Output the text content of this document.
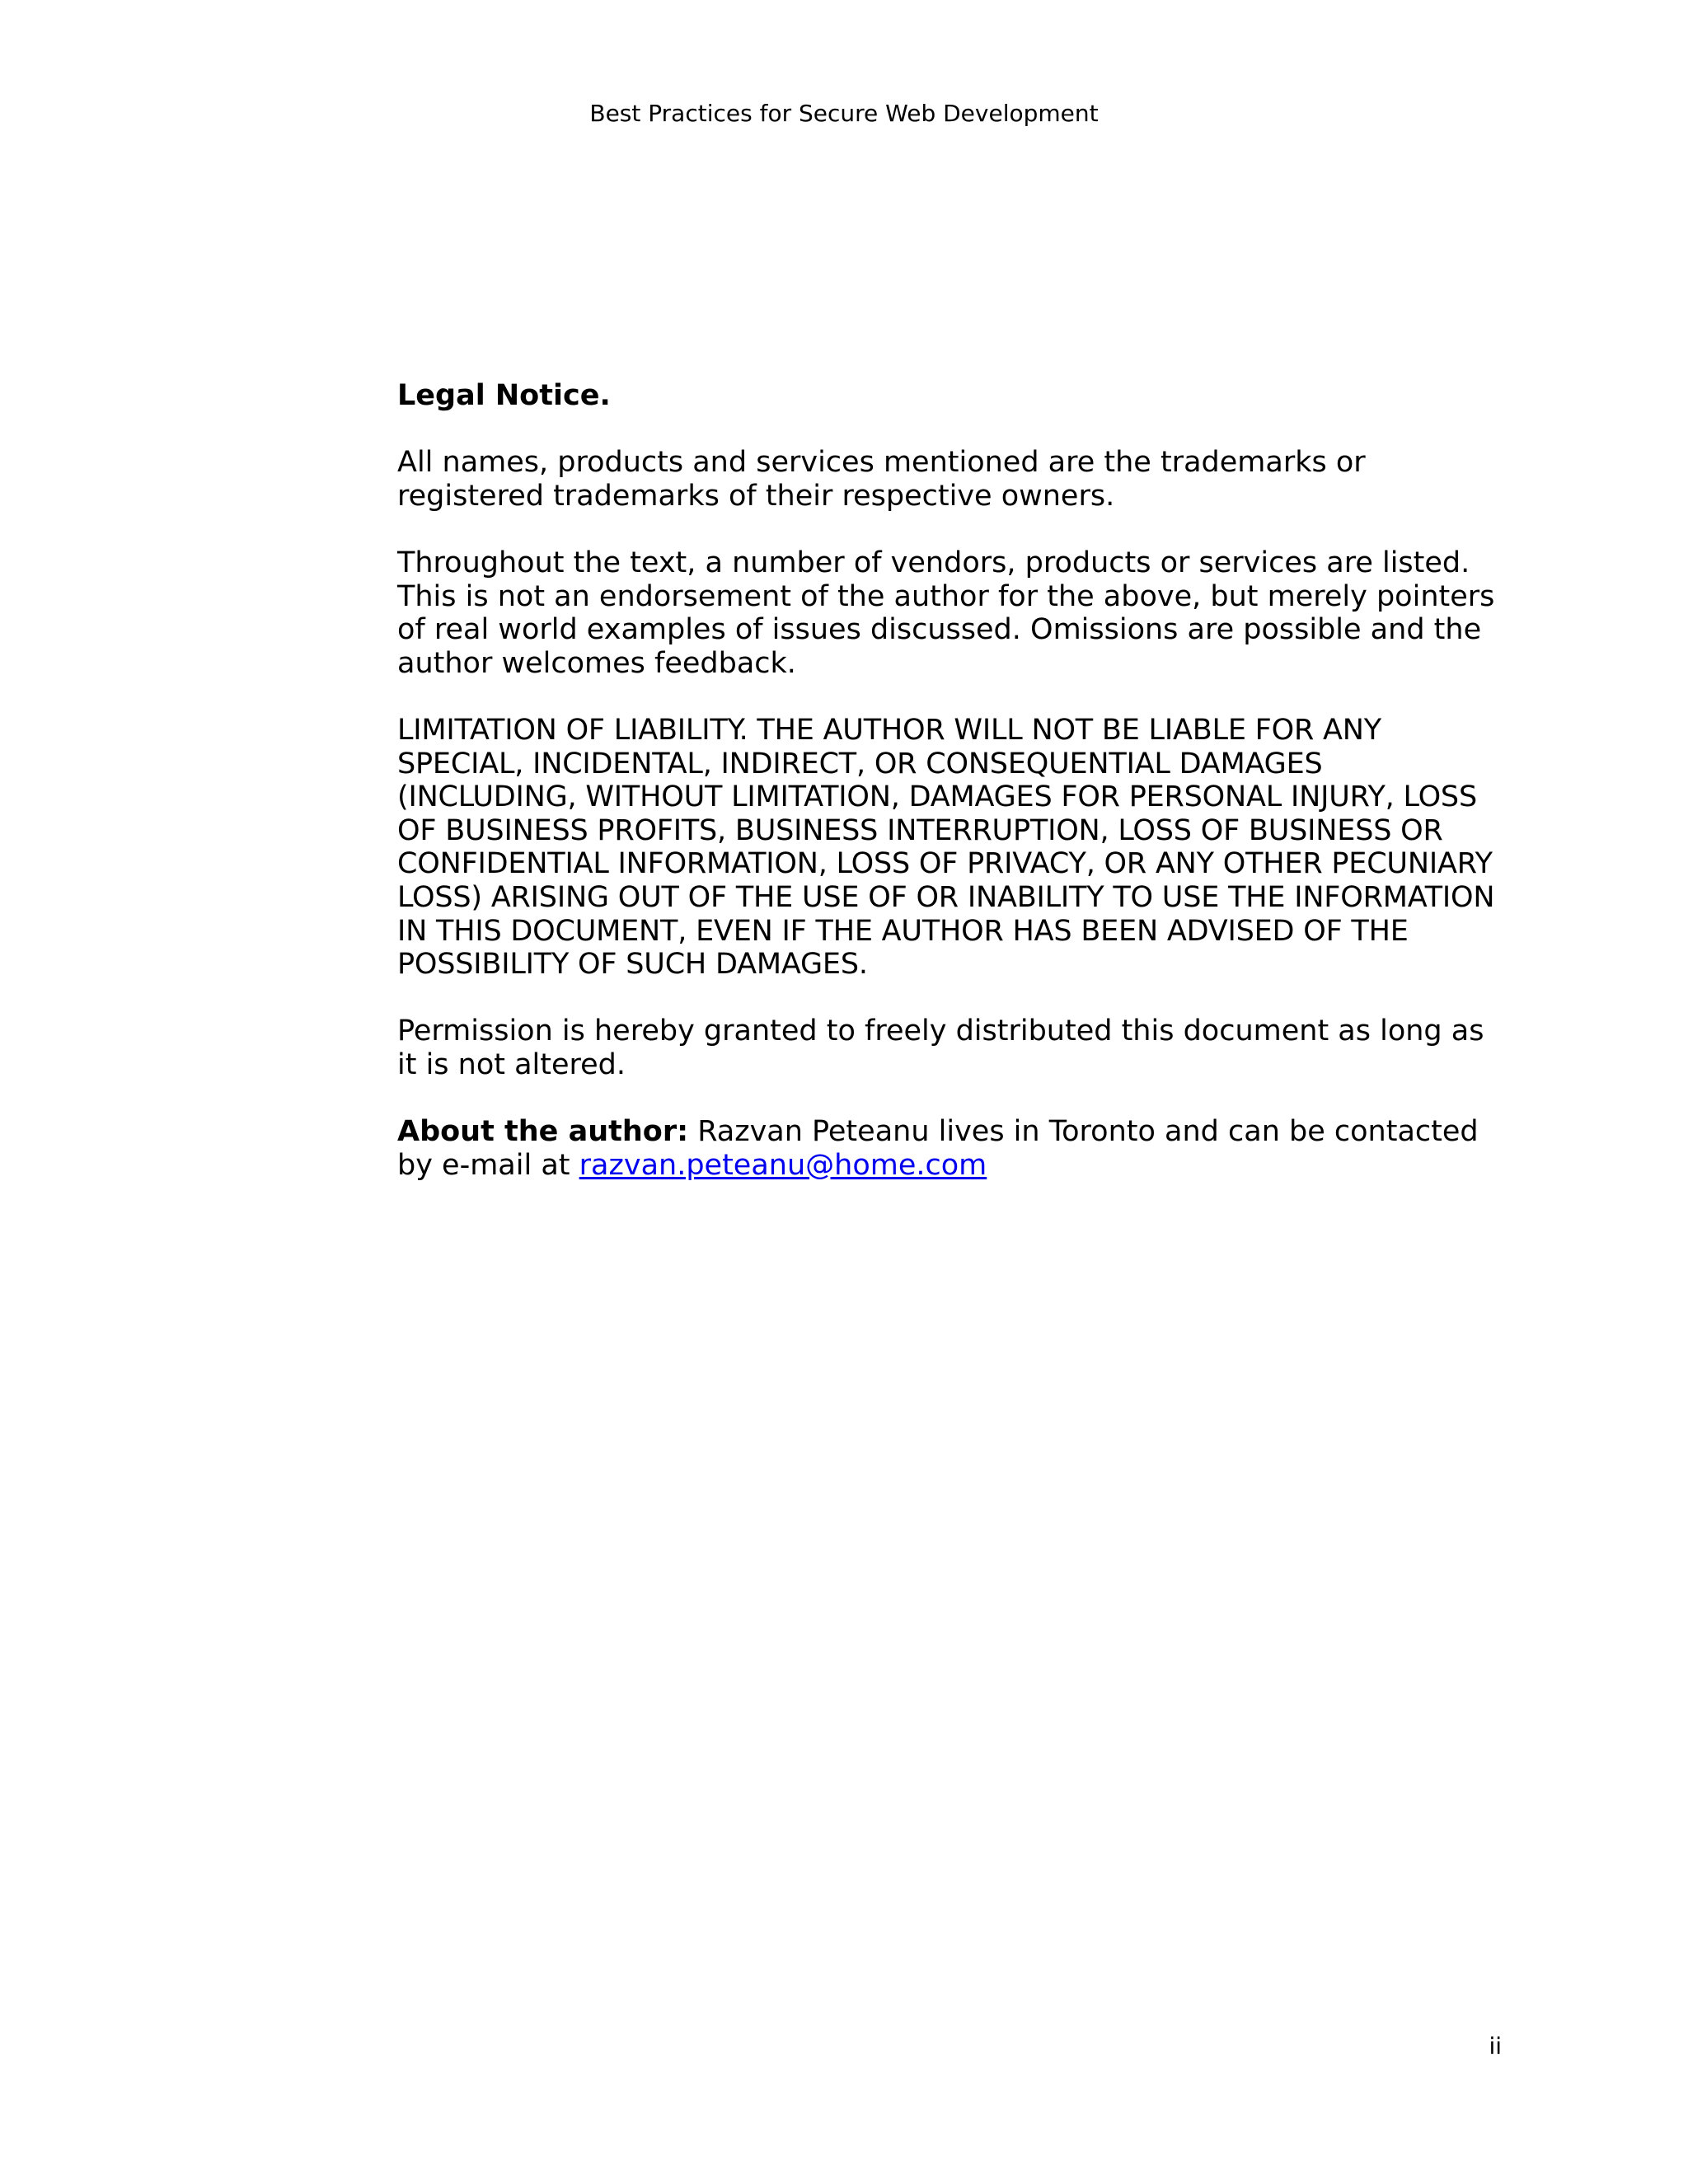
Best Practices for Secure Web Development

Legal Notice.

All names, products and services mentioned are the trademarks or registered trademarks of their respective owners.

Throughout the text, a number of vendors, products or services are listed. This is not an endorsement of the author for the above, but merely pointers of real world examples of issues discussed. Omissions are possible and the author welcomes feedback.

LIMITATION OF LIABILITY. THE AUTHOR WILL NOT BE LIABLE FOR ANY SPECIAL, INCIDENTAL, INDIRECT, OR CONSEQUENTIAL DAMAGES (INCLUDING, WITHOUT LIMITATION, DAMAGES FOR PERSONAL INJURY, LOSS OF BUSINESS PROFITS, BUSINESS INTERRUPTION, LOSS OF BUSINESS OR CONFIDENTIAL INFORMATION, LOSS OF PRIVACY, OR ANY OTHER PECUNIARY LOSS) ARISING OUT OF THE USE OF OR INABILITY TO USE THE INFORMATION IN THIS DOCUMENT, EVEN IF THE AUTHOR HAS BEEN ADVISED OF THE POSSIBILITY OF SUCH DAMAGES.

Permission is hereby granted to freely distributed this document as long as it is not altered.

About the author: Razvan Peteanu lives in Toronto and can be contacted by e-mail at razvan.peteanu@home.com

ii
